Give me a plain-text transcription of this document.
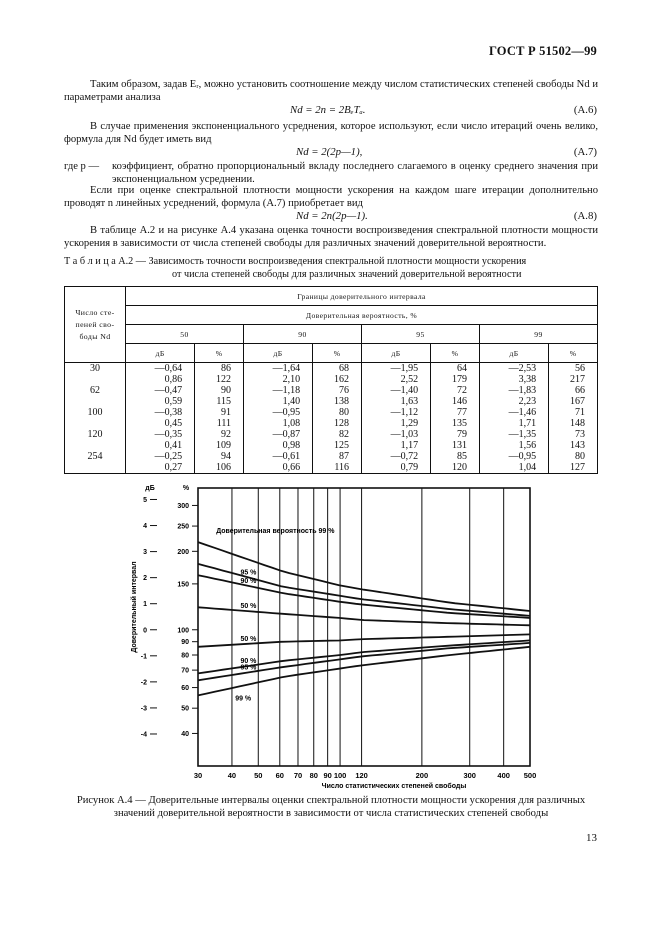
ГОСТ Р 51502—99
Таким образом, задав Eᵣ, можно установить соотношение между числом статистических степеней свободы Nd и параметрами анализа
Nd = 2n = 2BₑTₐ.	(А.6)
В случае применения экспоненциального усреднения, которое используют, если число итераций очень велико, формула для Nd будет иметь вид
Nd = 2(2p—1),	(А.7)
где p —	коэффициент, обратно пропорциональный вкладу последнего слагаемого в оценку среднего значения при экспоненциальном усреднении.
Если при оценке спектральной плотности мощности ускорения на каждом шаге итерации дополнительно проводят n линейных усреднений, формула (А.7) приобретает вид
Nd = 2n(2p—1).	(А.8)
В таблице А.2 и на рисунке А.4 указана оценка точности воспроизведения спектральной плотности мощности ускорения в зависимости от числа степеней свободы для различных значений доверительной вероятности.
Т а б л и ц а А.2 — Зависимость точности воспроизведения спектральной плотности мощности ускорения
от числа степеней свободы для различных значений доверительной вероятности
Число сте-пеней сво-боды Nd	Границы доверительного интервала							
	Доверительная вероятность, %							
	50		90		95		99	
	дБ	%	дБ	%	дБ	%	дБ	%
30	—0,64	86	—1,64	68	—1,95	64	—2,53	56
	0,86	122	2,10	162	2,52	179	3,38	217
62	—0,47	90	—1,18	76	—1,40	72	—1,83	66
	0,59	115	1,40	138	1,63	146	2,23	167
100	—0,38	91	—0,95	80	—1,12	77	—1,46	71
	0,45	111	1,08	128	1,29	135	1,71	148
120	—0,35	92	—0,87	82	—1,03	79	—1,35	73
	0,41	109	0,98	125	1,17	131	1,56	143
254	—0,25	94	—0,61	87	—0,72	85	—0,95	80
	0,27	106	0,66	116	0,79	120	1,04	127
30	40 50 60 70 80 90 100 120	200	300	400 500
300
250
200
150
100
90
80
70
60
50
40
5
4
3
2
1
0
-1
-2
-3
-4
дБ	%
Доверительный интервал
Число статистических степеней свободы
Доверительная вероятность 99 %
99 %
95 %
95 %
90 %
90 %
50 %
50 %
Рисунок А.4 — Доверительные интервалы оценки спектральной плотности мощности ускорения для различных значений доверительной вероятности в зависимости от числа статистических степеней свободы
13
